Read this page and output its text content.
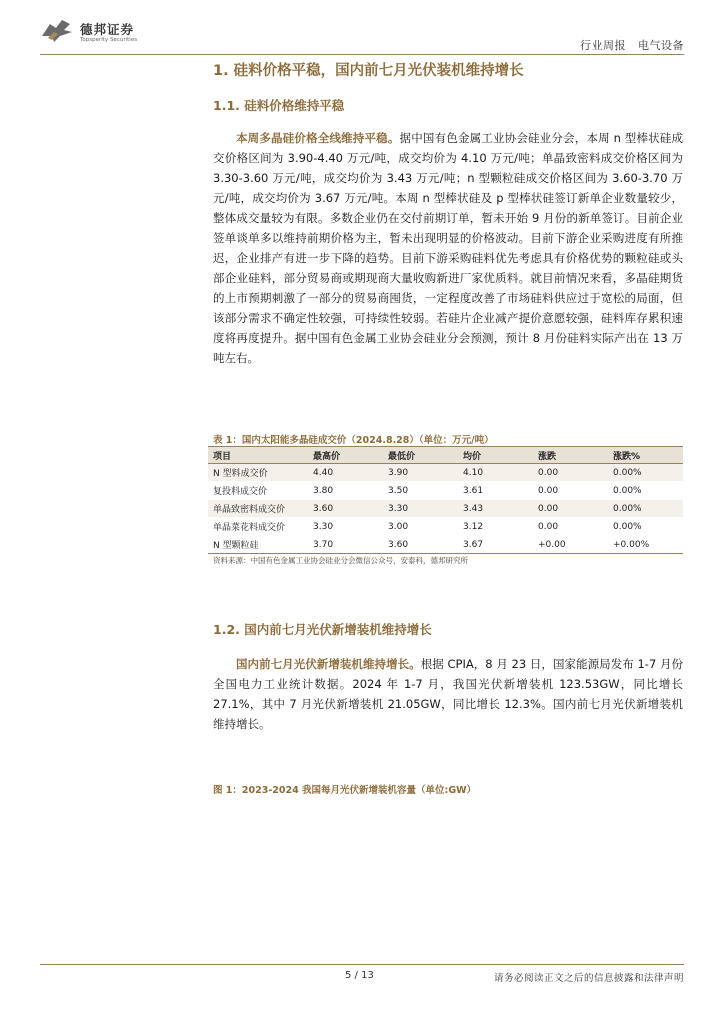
德邦证券
Topsperity Securities	行业周报 电气设备
1. 硅料价格平稳，国内前七月光伏装机维持增长
1.1. 硅料价格维持平稳

本周多晶硅价格全线维持平稳。据中国有色金属工业协会硅业分会，本周 n 型棒状硅成交价格区间为 3.90-4.40 万元/吨，成交均价为 4.10 万元/吨；单晶致密料成交价格区间为 3.30-3.60 万元/吨，成交均价为 3.43 万元/吨；n 型颗粒硅成交价格区间为 3.60-3.70 万元/吨，成交均价为 3.67 万元/吨。本周 n 型棒状硅及 p 型棒状硅签订新单企业数量较少，整体成交量较为有限。多数企业仍在交付前期订单，暂未开始 9 月份的新单签订。目前企业签单谈单多以维持前期价格为主，暂未出现明显的价格波动。目前下游企业采购进度有所推迟，企业排产有进一步下降的趋势。目前下游采购硅料优先考虑具有价格优势的颗粒硅或头部企业硅料，部分贸易商或期现商大量收购新进厂家优质料。就目前情况来看，多晶硅期货的上市预期刺激了一部分的贸易商囤货，一定程度改善了市场硅料供应过于宽松的局面，但该部分需求不确定性较强，可持续性较弱。若硅片企业减产提价意愿较强，硅料库存累积速度将再度提升。据中国有色金属工业协会硅业分会预测，预计 8 月份硅料实际产出在 13 万吨左右。

表 1：国内太阳能多晶硅成交价（2024.8.28）（单位：万元/吨）
项目	最高价	最低价	均价	涨跌	涨跌%
N 型料成交价	4.40	3.90	4.10	0.00	0.00%
复投料成交价	3.80	3.50	3.61	0.00	0.00%
单晶致密料成交价	3.60	3.30	3.43	0.00	0.00%
单晶菜花料成交价	3.30	3.00	3.12	0.00	0.00%
N 型颗粒硅	3.70	3.60	3.67	+0.00	+0.00%
资料来源：中国有色金属工业协会硅业分会微信公众号，安泰科，德邦研究所
1.2. 国内前七月光伏新增装机维持增长

国内前七月光伏新增装机维持增长。根据 CPIA，8 月 23 日，国家能源局发布 1-7 月份全国电力工业统计数据。2024 年 1-7 月，我国光伏新增装机 123.53GW，同比增长 27.1%，其中 7 月光伏新增装机 21.05GW，同比增长 12.3%。国内前七月光伏新增装机维持增长。

图 1：2023-2024 我国每月光伏新增装机容量（单位:GW）
5 / 13	请务必阅读正文之后的信息披露和法律声明
